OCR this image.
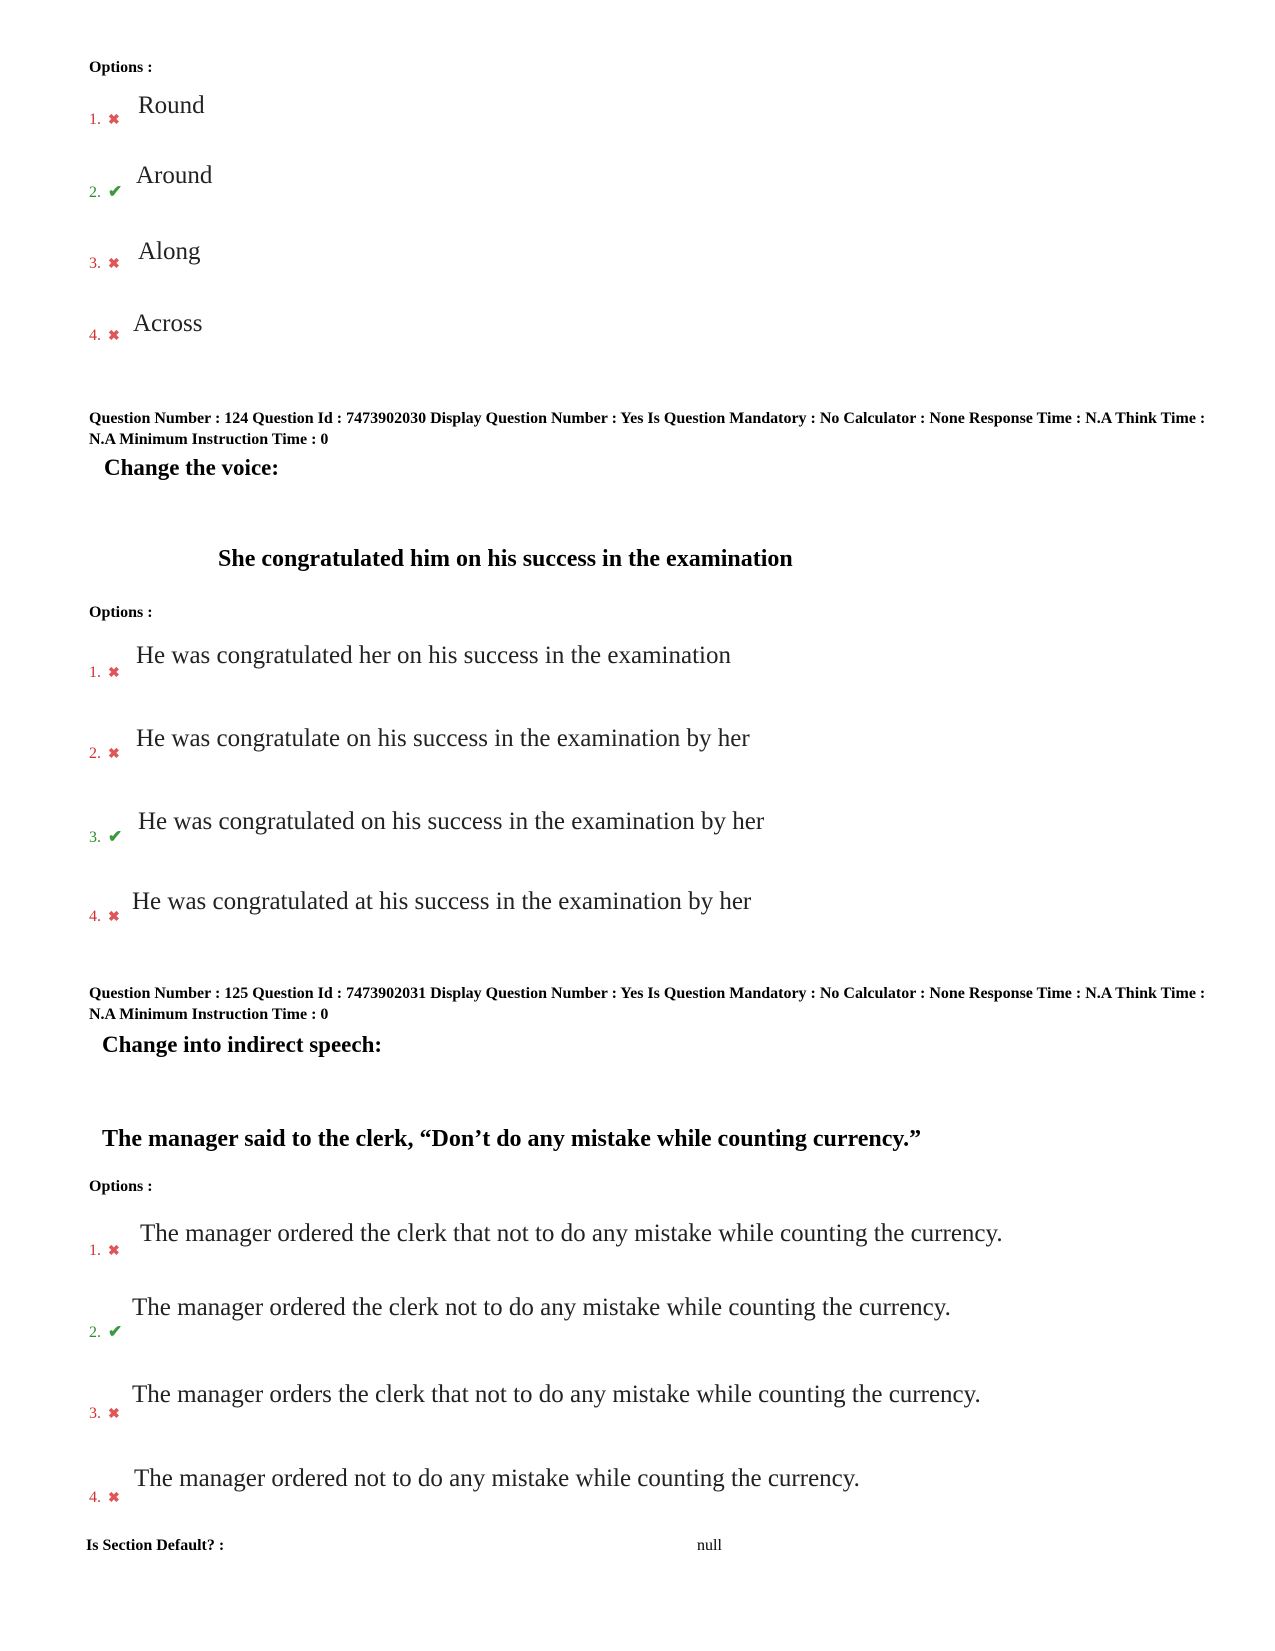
Options :
1. ✖
Round
2. ✔
Around
3. ✖ Along
4. ✖ Across
Question Number : 124 Question Id : 7473902030 Display Question Number : Yes Is Question Mandatory : No Calculator : None Response Time : N.A Think Time : N.A Minimum Instruction Time : 0
Change the voice:
She congratulated him on his success in the examination
Options :
1. ✖
He was congratulated her on his success in the examination
2. ✖
He was congratulate on his success in the examination by her
3. ✔
He was congratulated on his success in the examination by her
4. ✖
He was congratulated at his success in the examination by her
Question Number : 125 Question Id : 7473902031 Display Question Number : Yes Is Question Mandatory : No Calculator : None Response Time : N.A Think Time : N.A Minimum Instruction Time : 0
Change into indirect speech:
The manager said to the clerk, “Don’t do any mistake while counting currency.”
Options :
1. ✖
The manager ordered the clerk that not to do any mistake while counting the currency.
2. ✔
The manager ordered the clerk not to do any mistake while counting the currency.
3. ✖
The manager orders the clerk that not to do any mistake while counting the currency.
4. ✖
The manager ordered not to do any mistake while counting the currency.
Is Section Default? :	null
